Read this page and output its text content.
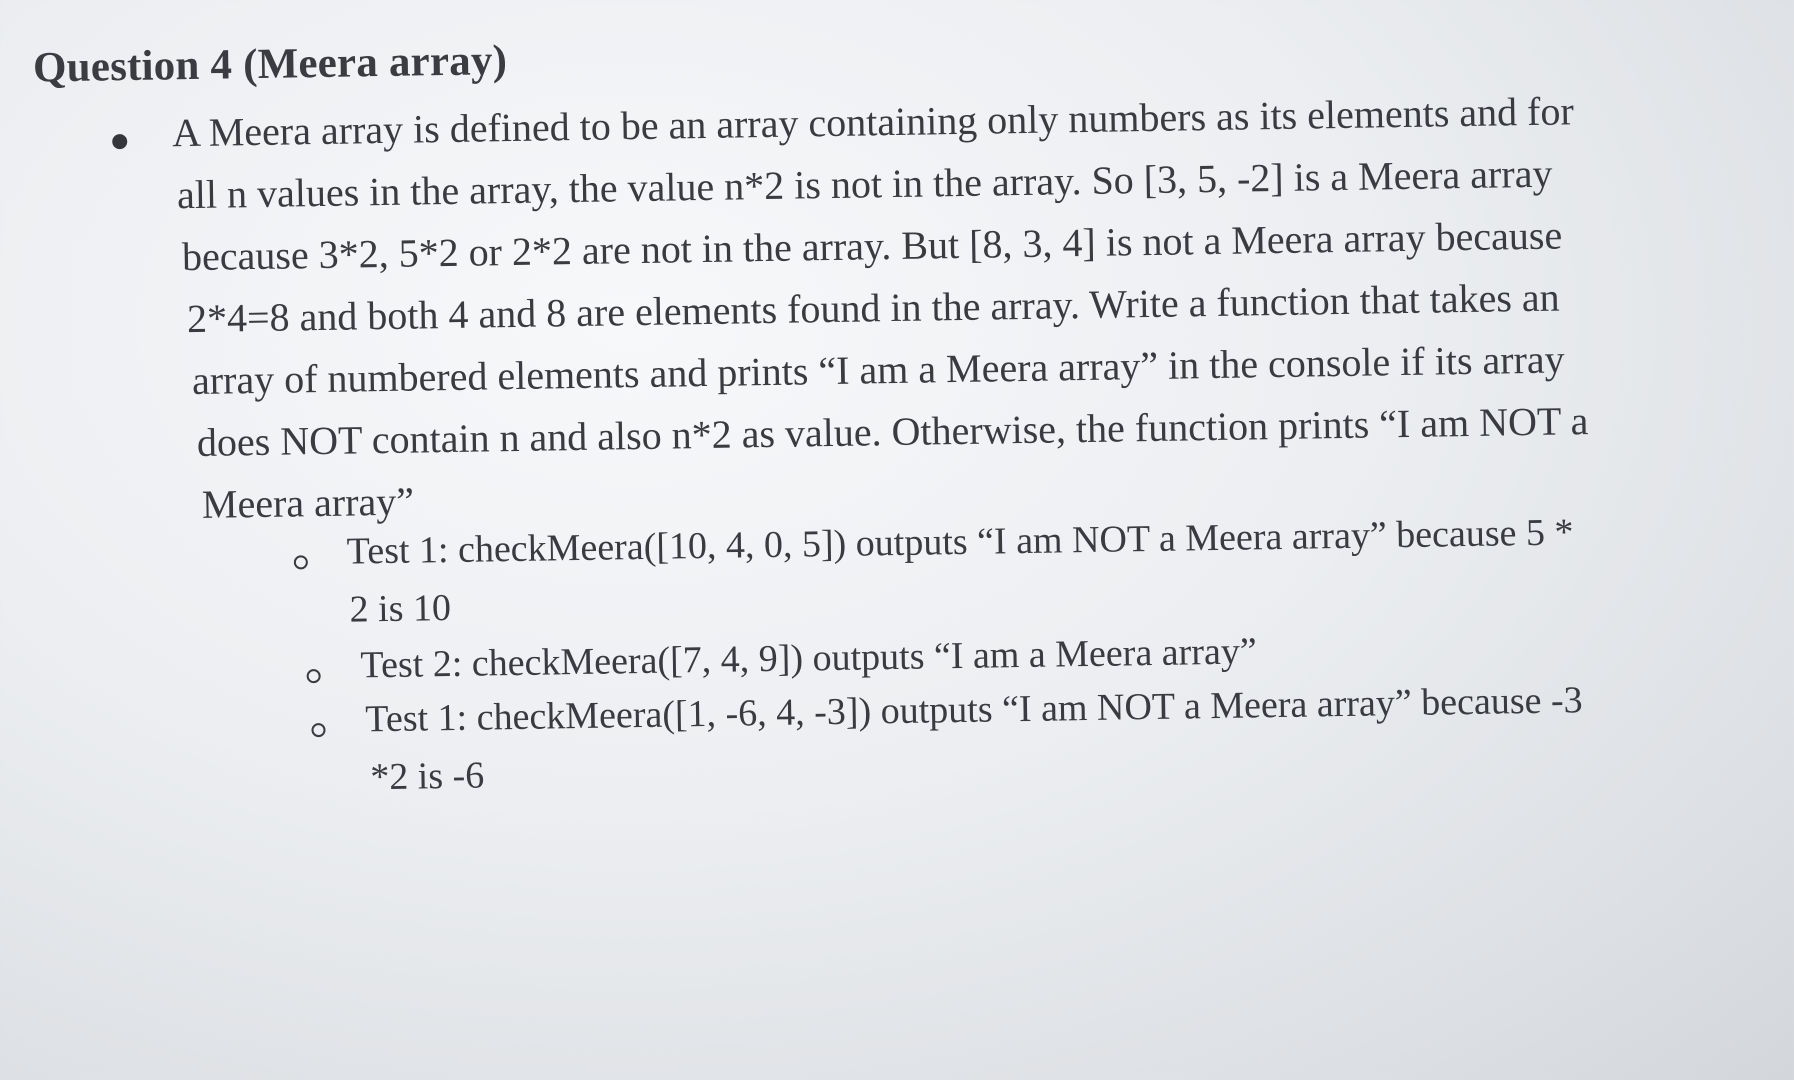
Question 4 (Meera array)
A Meera array is defined to be an array containing only numbers as its elements and for
all n values in the array, the value n*2 is not in the array. So [3, 5, -2] is a Meera array
because 3*2, 5*2 or 2*2 are not in the array. But [8, 3, 4] is not a Meera array because
2*4=8 and both 4 and 8 are elements found in the array. Write a function that takes an
array of numbered elements and prints “I am a Meera array” in the console if its array
does NOT contain n and also n*2 as value. Otherwise, the function prints “I am NOT a
Meera array”
Test 1: checkMeera([10, 4, 0, 5]) outputs “I am NOT a Meera array” because 5 *
2 is 10
Test 2: checkMeera([7, 4, 9]) outputs “I am a Meera array”
Test 1: checkMeera([1, -6, 4, -3]) outputs “I am NOT a Meera array” because -3
*2 is -6
